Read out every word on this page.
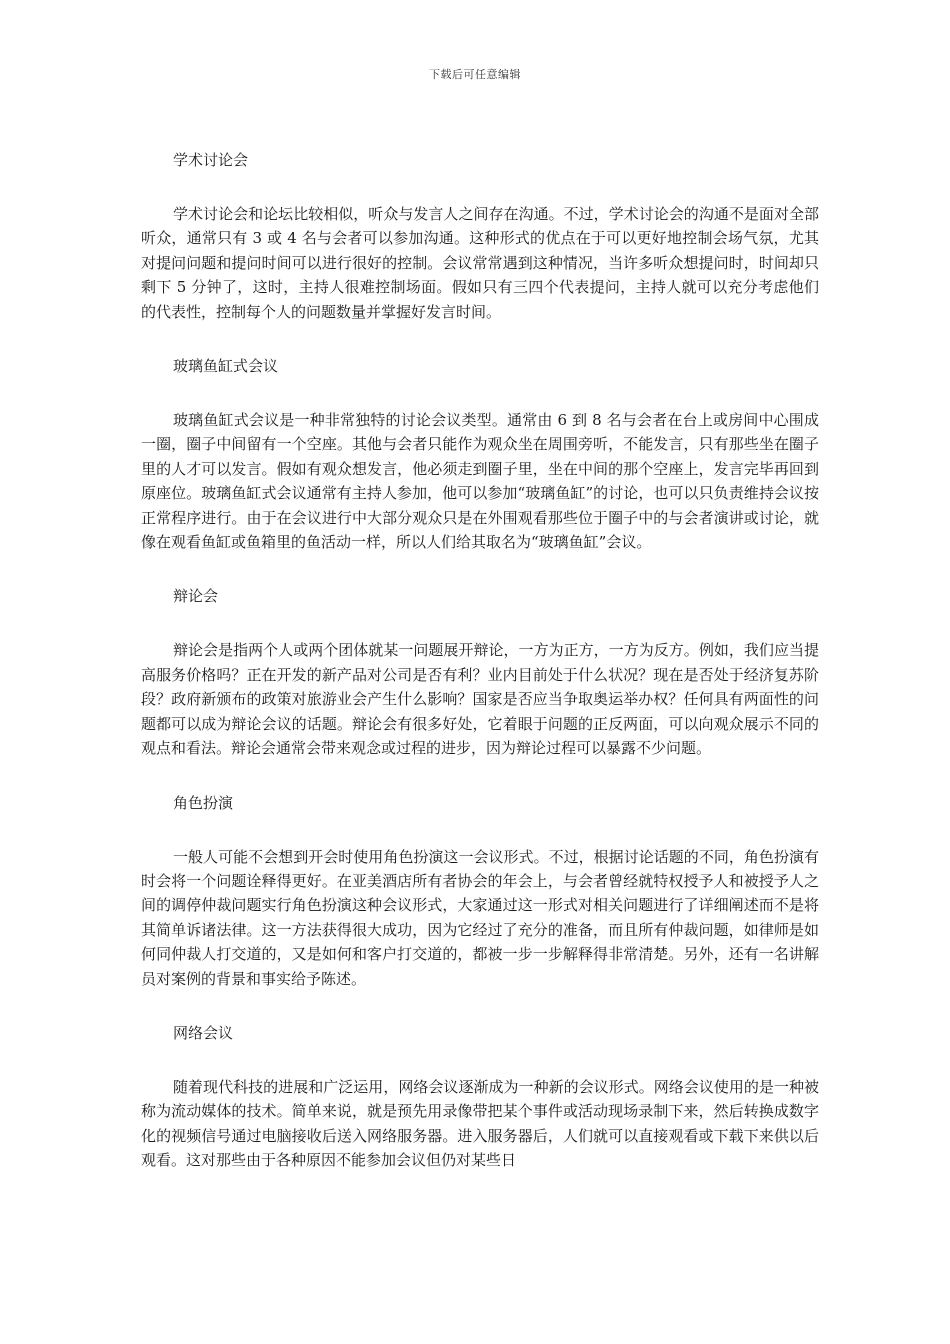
下载后可任意编辑

学术讨论会

学术讨论会和论坛比较相似，听众与发言人之间存在沟通。不过，学术讨论会的沟通不是面对全部听众，通常只有 3 或 4 名与会者可以参加沟通。这种形式的优点在于可以更好地控制会场气氛，尤其对提问问题和提问时间可以进行很好的控制。会议常常遇到这种情况，当许多听众想提问时，时间却只剩下 5 分钟了，这时，主持人很难控制场面。假如只有三四个代表提问，主持人就可以充分考虑他们的代表性，控制每个人的问题数量并掌握好发言时间。

玻璃鱼缸式会议

玻璃鱼缸式会议是一种非常独特的讨论会议类型。通常由 6 到 8 名与会者在台上或房间中心围成一圈，圈子中间留有一个空座。其他与会者只能作为观众坐在周围旁听，不能发言，只有那些坐在圈子里的人才可以发言。假如有观众想发言，他必须走到圈子里，坐在中间的那个空座上，发言完毕再回到原座位。玻璃鱼缸式会议通常有主持人参加，他可以参加“玻璃鱼缸”的讨论，也可以只负责维持会议按正常程序进行。由于在会议进行中大部分观众只是在外围观看那些位于圈子中的与会者演讲或讨论，就像在观看鱼缸或鱼箱里的鱼活动一样，所以人们给其取名为“玻璃鱼缸”会议。

辩论会

辩论会是指两个人或两个团体就某一问题展开辩论，一方为正方，一方为反方。例如，我们应当提高服务价格吗？正在开发的新产品对公司是否有利？业内目前处于什么状况？现在是否处于经济复苏阶段？政府新颁布的政策对旅游业会产生什么影响？国家是否应当争取奥运举办权？任何具有两面性的问题都可以成为辩论会议的话题。辩论会有很多好处，它着眼于问题的正反两面，可以向观众展示不同的观点和看法。辩论会通常会带来观念或过程的进步，因为辩论过程可以暴露不少问题。

角色扮演

一般人可能不会想到开会时使用角色扮演这一会议形式。不过，根据讨论话题的不同，角色扮演有时会将一个问题诠释得更好。在亚美酒店所有者协会的年会上，与会者曾经就特权授予人和被授予人之间的调停仲裁问题实行角色扮演这种会议形式，大家通过这一形式对相关问题进行了详细阐述而不是将其简单诉诸法律。这一方法获得很大成功，因为它经过了充分的准备，而且所有仲裁问题，如律师是如何同仲裁人打交道的，又是如何和客户打交道的，都被一步一步解释得非常清楚。另外，还有一名讲解员对案例的背景和事实给予陈述。

网络会议

随着现代科技的进展和广泛运用，网络会议逐渐成为一种新的会议形式。网络会议使用的是一种被称为流动媒体的技术。简单来说，就是预先用录像带把某个事件或活动现场录制下来，然后转换成数字化的视频信号通过电脑接收后送入网络服务器。进入服务器后，人们就可以直接观看或下载下来供以后观看。这对那些由于各种原因不能参加会议但仍对某些日
